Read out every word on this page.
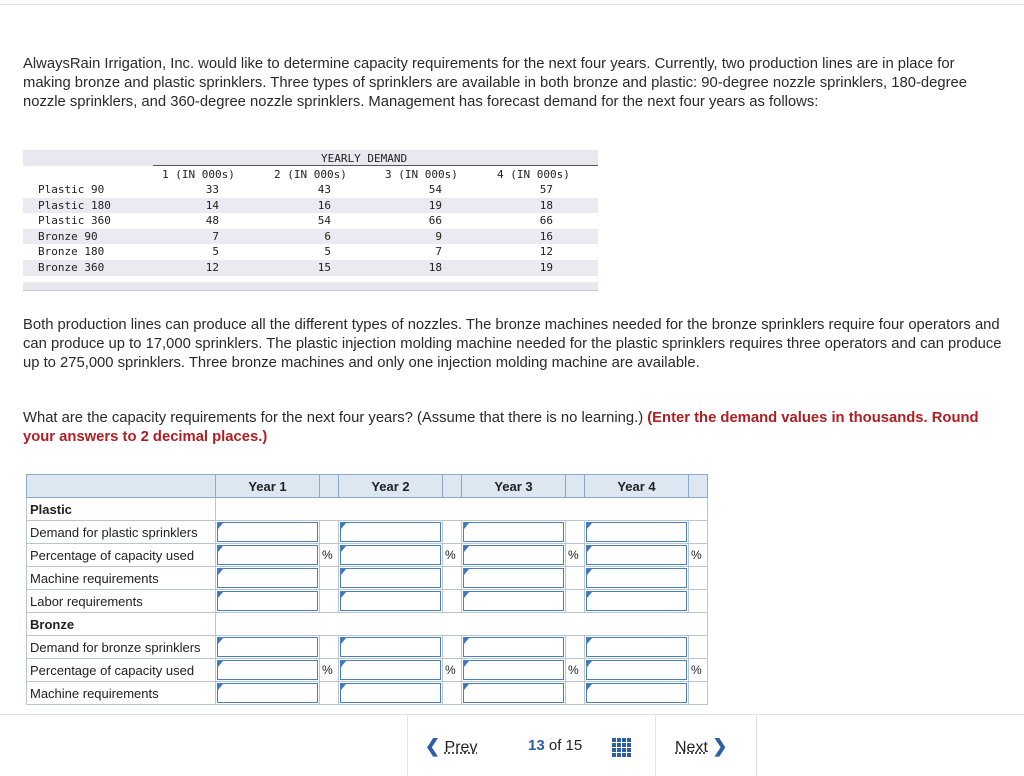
AlwaysRain Irrigation, Inc. would like to determine capacity requirements for the next four years. Currently, two production lines are in place for making bronze and plastic sprinklers. Three types of sprinklers are available in both bronze and plastic: 90-degree nozzle sprinklers, 180-degree nozzle sprinklers, and 360-degree nozzle sprinklers. Management has forecast demand for the next four years as follows:

YEARLY DEMAND
1 (IN 000s)	2 (IN 000s)	3 (IN 000s)	4 (IN 000s)
Plastic 90	33	43	54	57
Plastic 180	14	16	19	18
Plastic 360	48	54	66	66
Bronze 90	7	6	9	16
Bronze 180	5	5	7	12
Bronze 360	12	15	18	19

Both production lines can produce all the different types of nozzles. The bronze machines needed for the bronze sprinklers require four operators and can produce up to 17,000 sprinklers. The plastic injection molding machine needed for the plastic sprinklers requires three operators and can produce up to 275,000 sprinklers. Three bronze machines and only one injection molding machine are available.

What are the capacity requirements for the next four years? (Assume that there is no learning.) (Enter the demand values in thousands. Round your answers to 2 decimal places.)

	Year 1		Year 2		Year 3		Year 4	
Plastic								
Demand for plastic sprinklers	

Percentage of capacity used		%		%		%		%
Machine requirements	

Labor requirements	

Bronze								
Demand for bronze sprinklers	

Percentage of capacity used		%		%		%		%
Machine requirements	

❮ Prev	13 of 15	Next ❯
